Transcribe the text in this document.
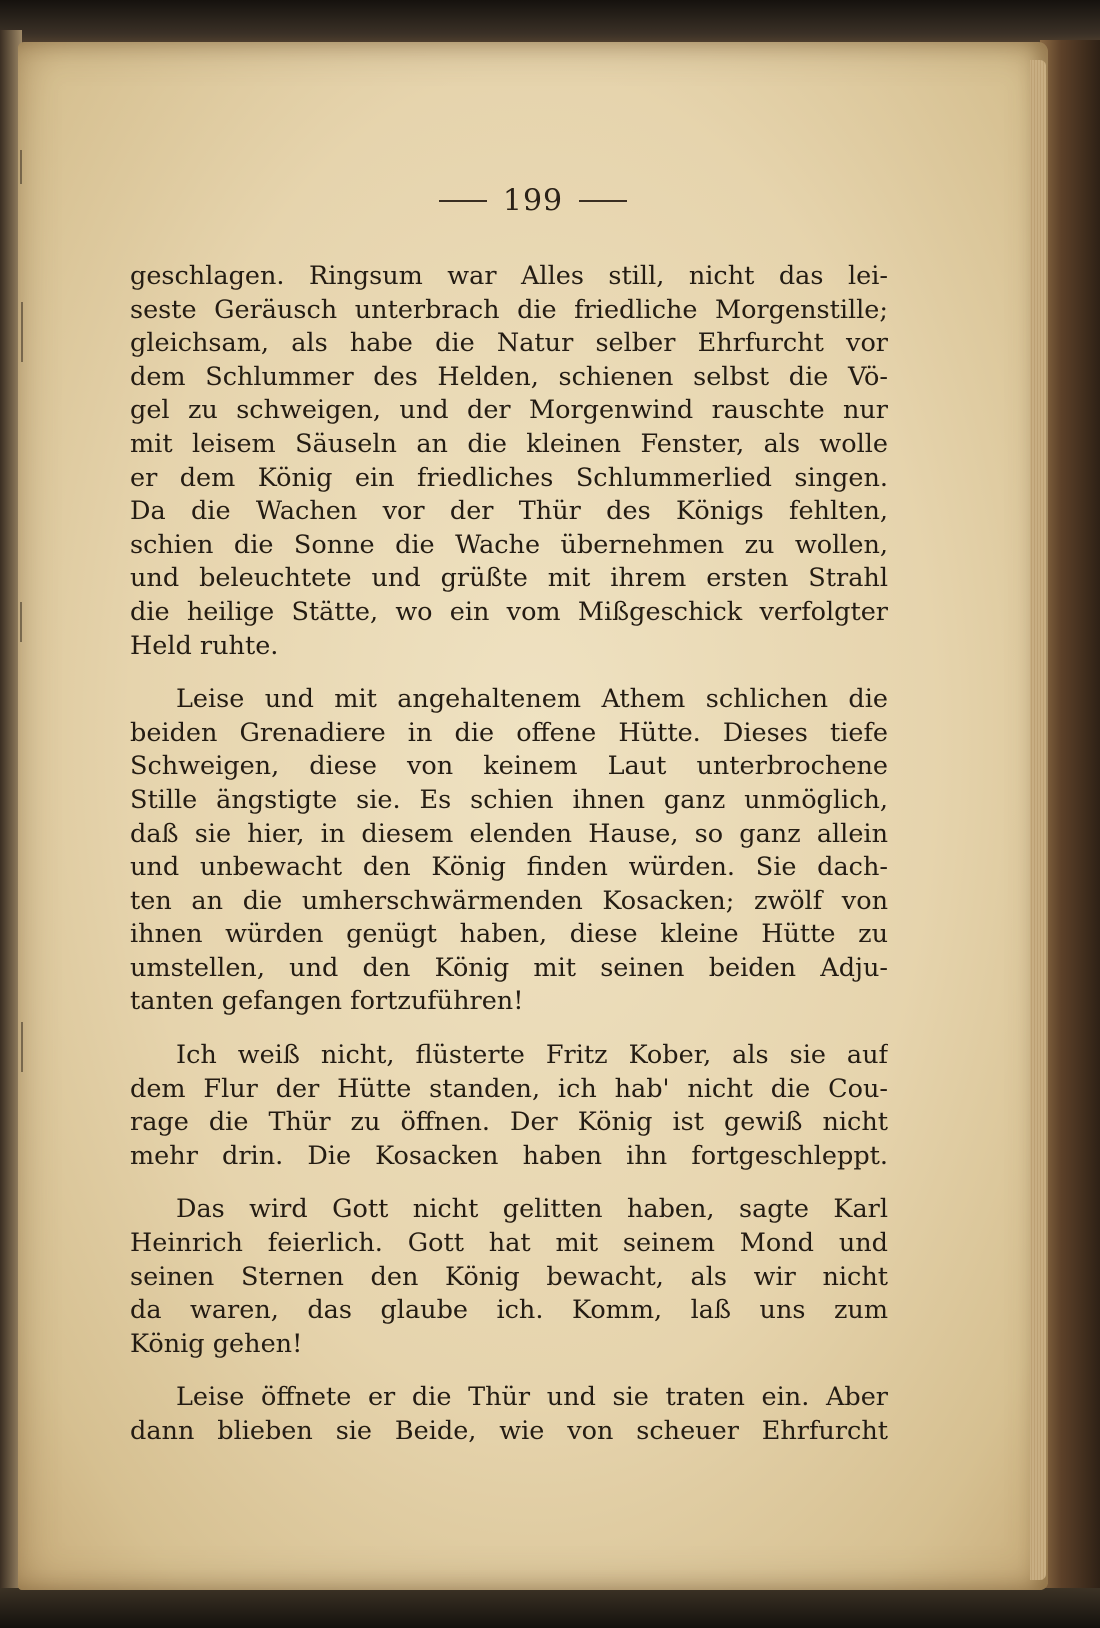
199

geschlagen. Ringsum war Alles still, nicht das lei-
seste Geräusch unterbrach die friedliche Morgenstille;
gleichsam, als habe die Natur selber Ehrfurcht vor
dem Schlummer des Helden, schienen selbst die Vö-
gel zu schweigen, und der Morgenwind rauschte nur
mit leisem Säuseln an die kleinen Fenster, als wolle
er dem König ein friedliches Schlummerlied singen.
Da die Wachen vor der Thür des Königs fehlten,
schien die Sonne die Wache übernehmen zu wollen,
und beleuchtete und grüßte mit ihrem ersten Strahl
die heilige Stätte, wo ein vom Mißgeschick verfolgter
Held ruhte.

Leise und mit angehaltenem Athem schlichen die
beiden Grenadiere in die offene Hütte. Dieses tiefe
Schweigen, diese von keinem Laut unterbrochene
Stille ängstigte sie. Es schien ihnen ganz unmöglich,
daß sie hier, in diesem elenden Hause, so ganz allein
und unbewacht den König finden würden. Sie dach-
ten an die umherschwärmenden Kosacken; zwölf von
ihnen würden genügt haben, diese kleine Hütte zu
umstellen, und den König mit seinen beiden Adju-
tanten gefangen fortzuführen!

Ich weiß nicht, flüsterte Fritz Kober, als sie auf
dem Flur der Hütte standen, ich hab' nicht die Cou-
rage die Thür zu öffnen. Der König ist gewiß nicht
mehr drin. Die Kosacken haben ihn fortgeschleppt.

Das wird Gott nicht gelitten haben, sagte Karl
Heinrich feierlich. Gott hat mit seinem Mond und
seinen Sternen den König bewacht, als wir nicht
da waren, das glaube ich. Komm, laß uns zum
König gehen!

Leise öffnete er die Thür und sie traten ein. Aber
dann blieben sie Beide, wie von scheuer Ehrfurcht
